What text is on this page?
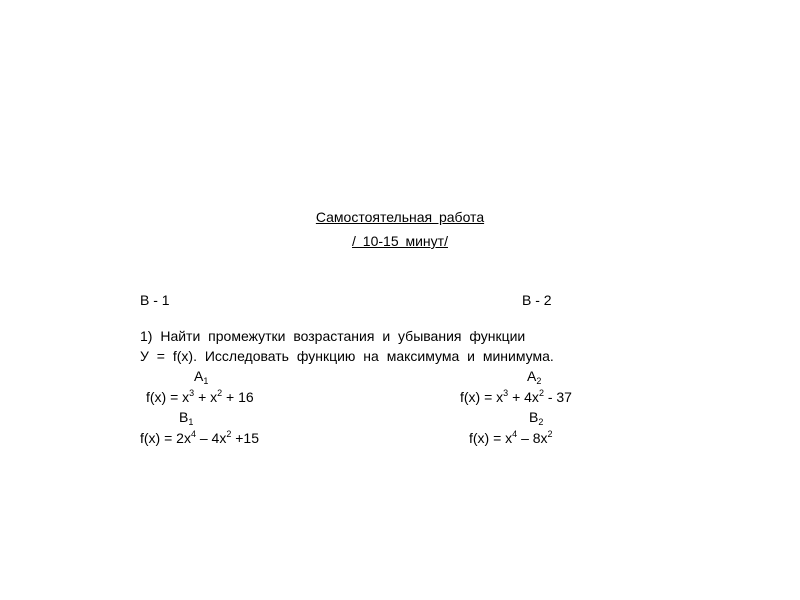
Самостоятельная работа
/ 10-15 минут/
В - 1	В - 2
1) Найти промежутки возрастания и убывания функции
У = f(x). Исследовать функцию на максимума и минимума.
$А_1$	$А_2$
$f(x) = x^3 + x^2 + 16$	$f(x) = x^3 + 4x^2 - 37$
$В_1$	$В_2$
$f(x) = 2x^4 - 4x^2 +15$	$f(x) = x^4 - 8x^2$
